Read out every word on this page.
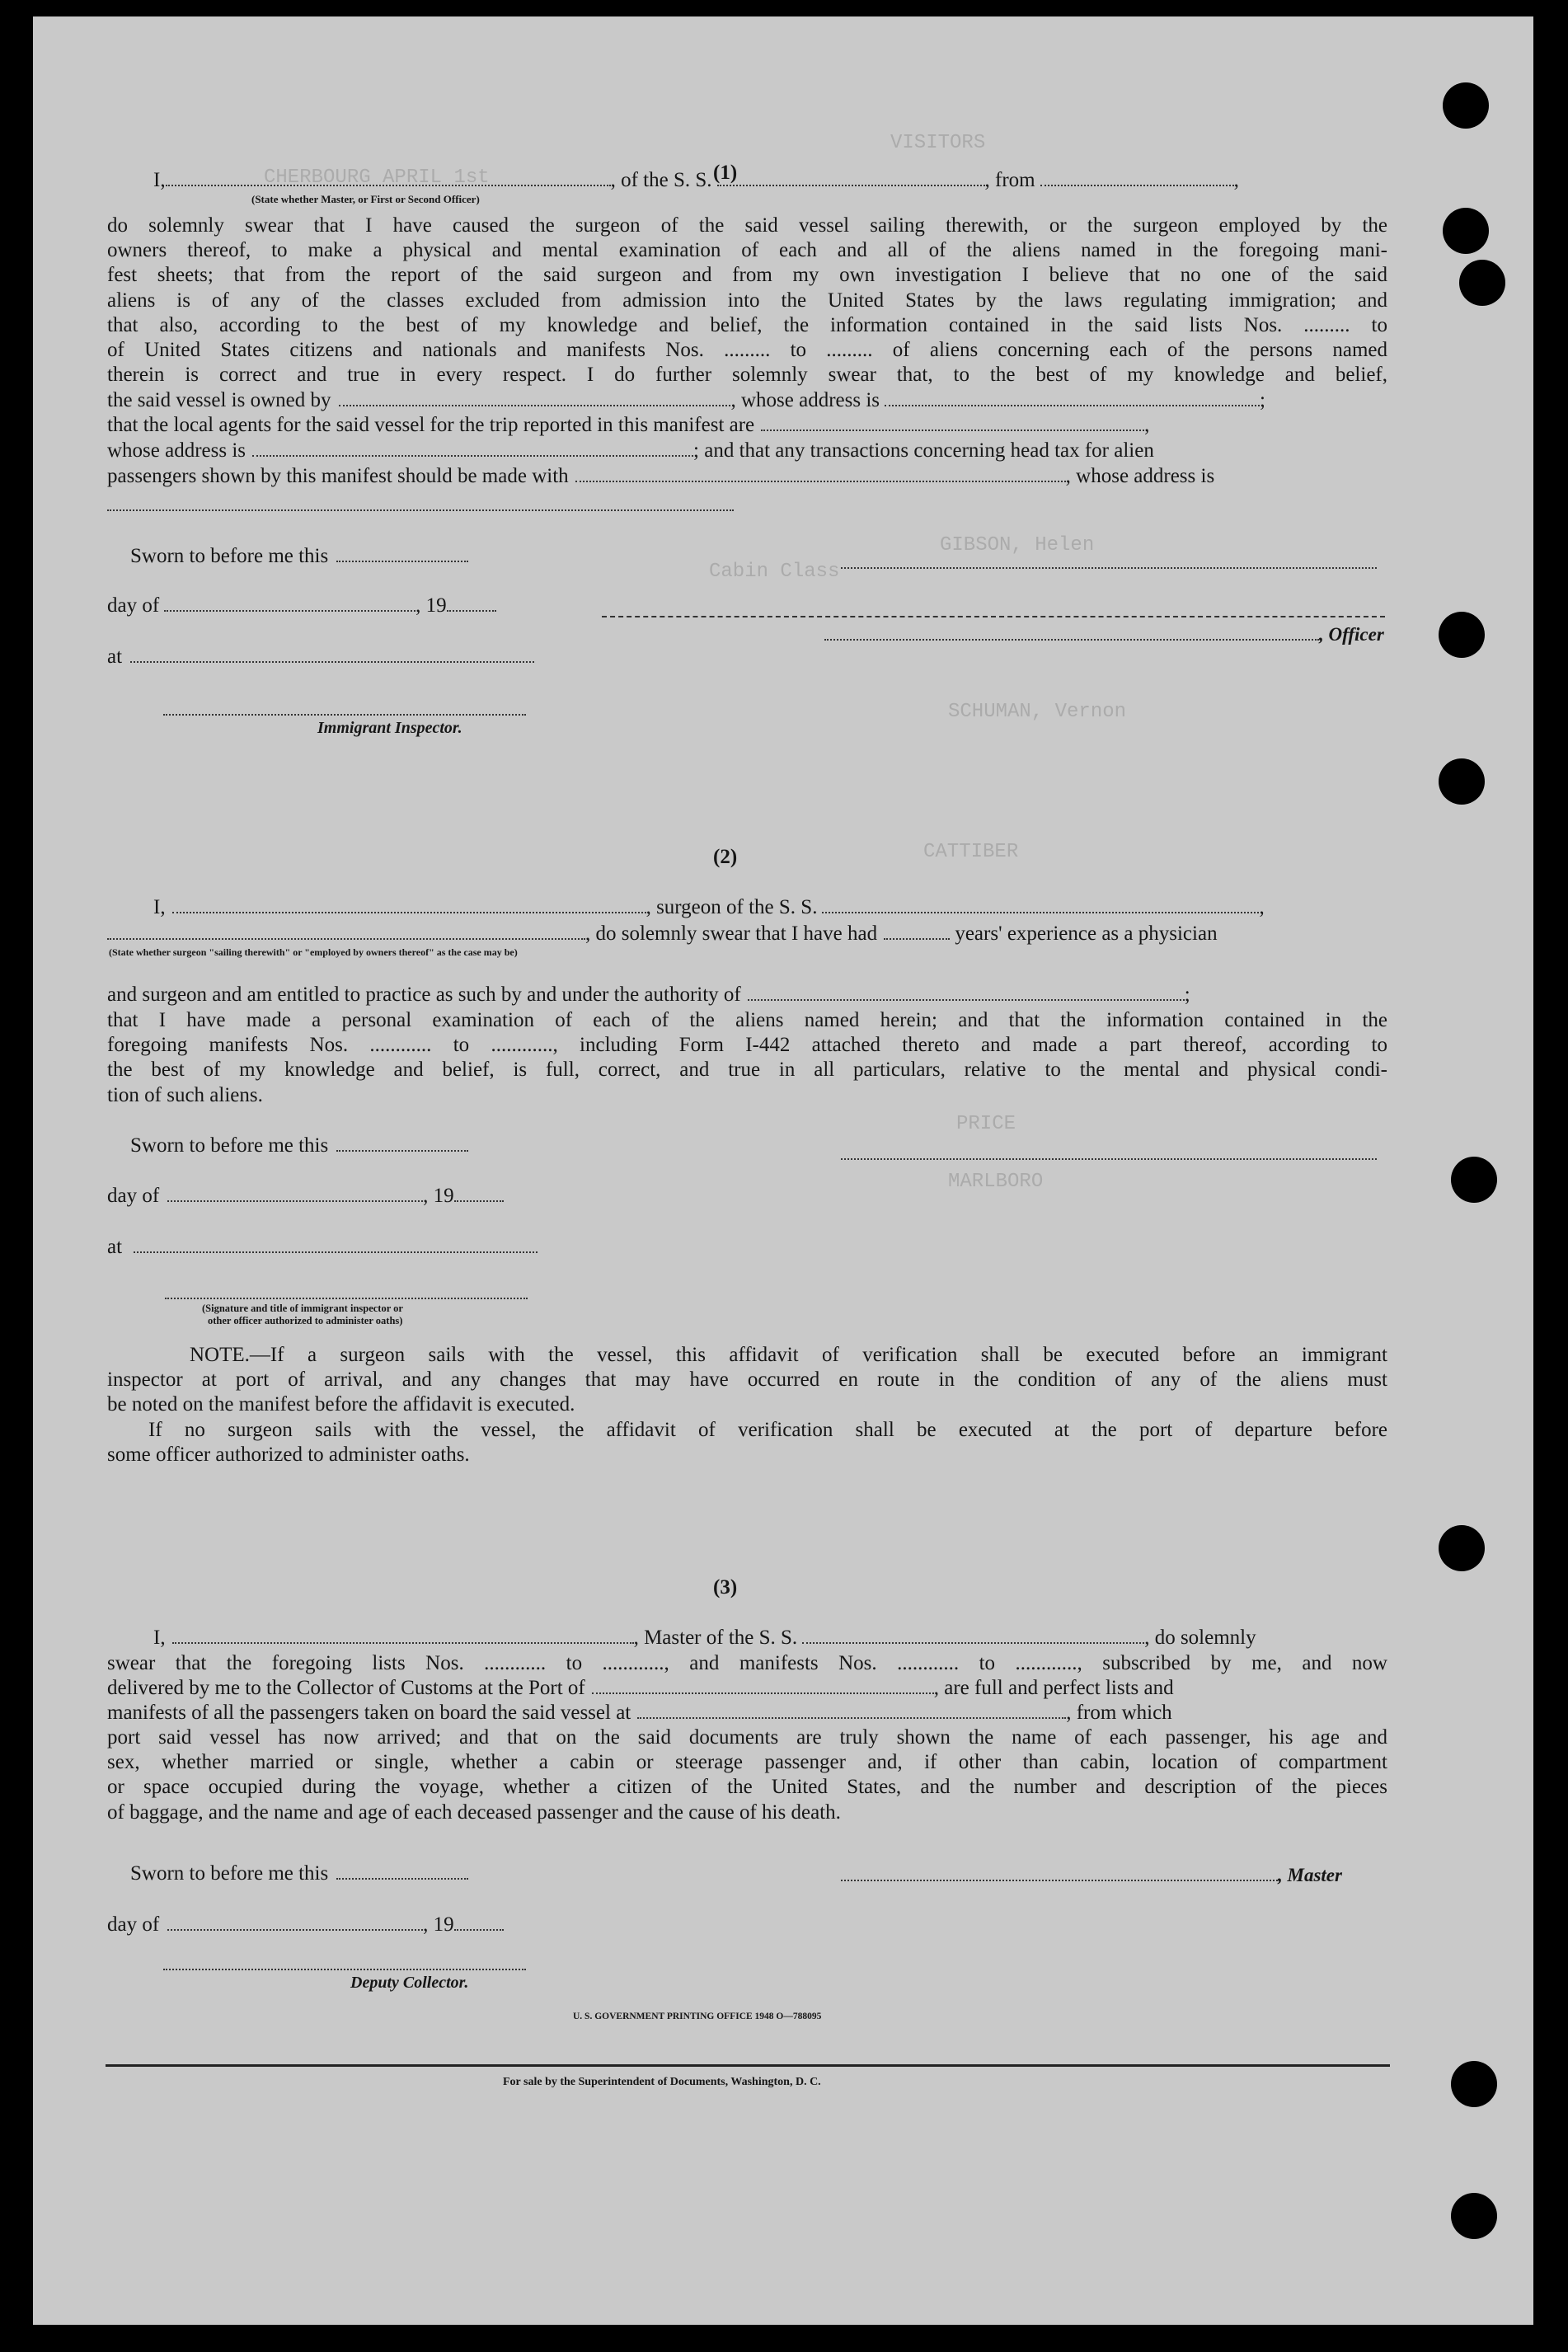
VISITORS
CHERBOURG APRIL 1st
Cabin Class
GIBSON, Helen
SCHUMAN, Vernon
PRICE
CATTIBER
MARLBORO
(1)
I,	, of the S. S.	, from	,
(State whether Master, or First or Second Officer)
do solemnly swear that I have caused the surgeon of the said vessel sailing therewith, or the surgeon employed by the
owners thereof, to make a physical and mental examination of each and all of the aliens named in the foregoing mani-
fest sheets; that from the report of the said surgeon and from my own investigation I believe that no one of the said
aliens is of any of the classes excluded from admission into the United States by the laws regulating immigration; and
that also, according to the best of my knowledge and belief, the information contained in the said lists Nos. ......... to
of United States citizens and nationals and manifests Nos. ......... to ......... of aliens concerning each of the persons named
therein is correct and true in every respect. I do further solemnly swear that, to the best of my knowledge and belief,
the said vessel is owned by	, whose address is	;
that the local agents for the said vessel for the trip reported in this manifest are	,
whose address is	; and that any transactions concerning head tax for alien
passengers shown by this manifest should be made with	, whose address is
Sworn to before me this
day of	, 19
, Officer
at
Immigrant Inspector.
(2)
I,	, surgeon of the S. S.	,
, do solemnly swear that I have had	years' experience as a physician
(State whether surgeon "sailing therewith" or "employed by owners thereof" as the case may be)
and surgeon and am entitled to practice as such by and under the authority of	;
that I have made a personal examination of each of the aliens named herein; and that the information contained in the
foregoing manifests Nos. ............ to ............, including Form I-442 attached thereto and made a part thereof, according to
the best of my knowledge and belief, is full, correct, and true in all particulars, relative to the mental and physical condi-
tion of such aliens.
Sworn to before me this
day of	, 19
at
(Signature and title of immigrant inspector or
other officer authorized to administer oaths)
NOTE.—If a surgeon sails with the vessel, this affidavit of verification shall be executed before an immigrant
inspector at port of arrival, and any changes that may have occurred en route in the condition of any of the aliens must
be noted on the manifest before the affidavit is executed.
If no surgeon sails with the vessel, the affidavit of verification shall be executed at the port of departure before
some officer authorized to administer oaths.
(3)
I,	, Master of the S. S.	, do solemnly
swear that the foregoing lists Nos. ............ to ............, and manifests Nos. ............ to ............, subscribed by me, and now
delivered by me to the Collector of Customs at the Port of	, are full and perfect lists and
manifests of all the passengers taken on board the said vessel at	, from which
port said vessel has now arrived; and that on the said documents are truly shown the name of each passenger, his age and
sex, whether married or single, whether a cabin or steerage passenger and, if other than cabin, location of compartment
or space occupied during the voyage, whether a citizen of the United States, and the number and description of the pieces
of baggage, and the name and age of each deceased passenger and the cause of his death.
Sworn to before me this	, Master
day of	, 19
Deputy Collector.
U. S. GOVERNMENT PRINTING OFFICE 1948 O—788095
For sale by the Superintendent of Documents, Washington, D. C.
